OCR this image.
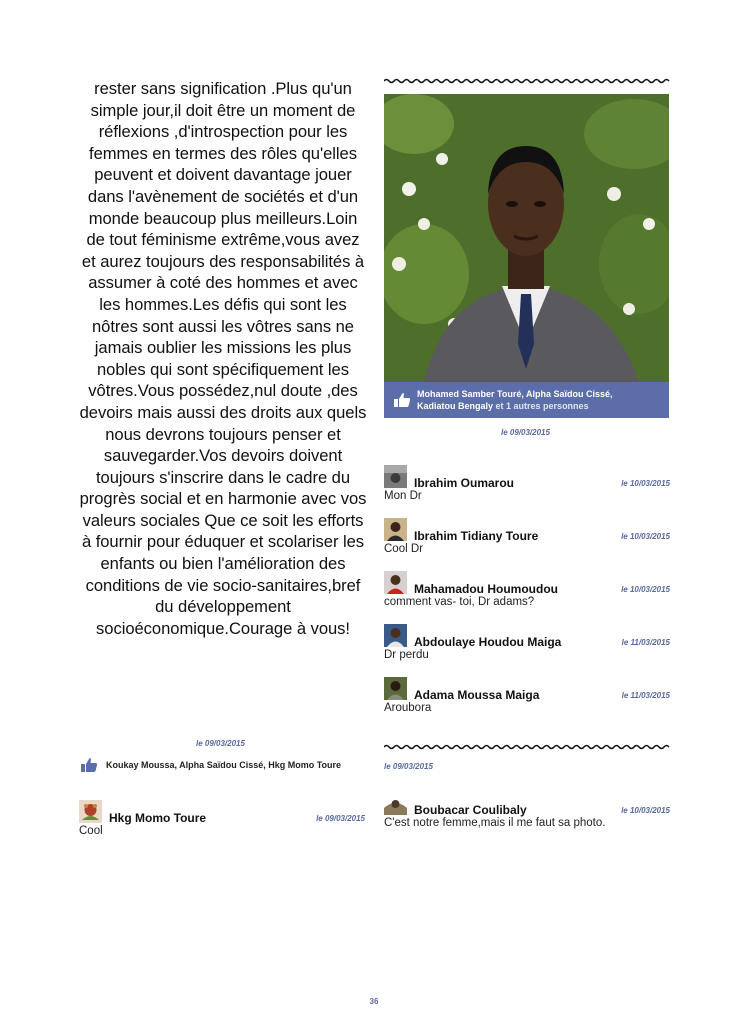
rester sans signification .Plus qu'un simple jour,il doit être un moment de réflexions ,d'introspection pour les femmes en termes des rôles qu'elles peuvent et doivent davantage jouer dans l'avènement de sociétés et d'un monde beaucoup plus meilleurs.Loin de tout féminisme extrême,vous avez et aurez toujours des responsabilités à assumer à coté des hommes et avec les hommes.Les défis qui sont les nôtres sont aussi les vôtres sans ne jamais oublier les missions les plus nobles qui sont spécifiquement les vôtres.Vous possédez,nul doute ,des devoirs mais aussi des droits aux quels nous devrons toujours penser et sauvegarder.Vos devoirs doivent toujours s'inscrire dans le cadre du progrès social et en harmonie avec vos valeurs sociales Que ce soit les efforts à fournir pour éduquer et scolariser les enfants ou bien l'amélioration des conditions de vie socio-sanitaires,bref du développement socioéconomique.Courage à vous!

le 09/03/2015
Koukay Moussa, Alpha Saïdou Cissé, Hkg Momo Toure
Hkg Momo Toure	le 09/03/2015
Cool
Mohamed Samber Touré, Alpha Saïdou Cissé,
Kadiatou Bengaly et 1 autres personnes
le 09/03/2015
Ibrahim Oumarou	le 10/03/2015
Mon Dr
Ibrahim Tidiany Toure	le 10/03/2015
Cool Dr
Mahamadou Houmoudou	le 10/03/2015
comment vas- toi, Dr adams?
Abdoulaye Houdou Maiga	le 11/03/2015
Dr perdu
Adama Moussa Maiga	le 11/03/2015
Aroubora
le 09/03/2015
Boubacar Coulibaly	le 10/03/2015
C'est notre femme,mais il me faut sa photo.
36
